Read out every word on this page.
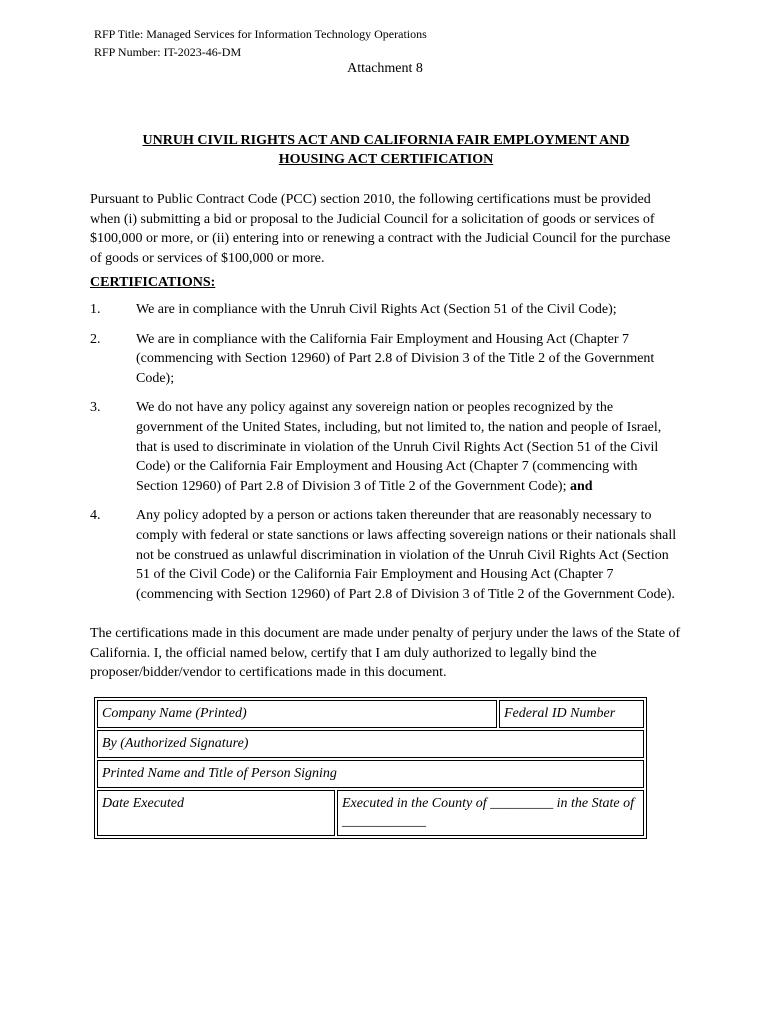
RFP Title: Managed Services for Information Technology Operations
RFP Number: IT-2023-46-DM
Attachment 8
UNRUH CIVIL RIGHTS ACT AND CALIFORNIA FAIR EMPLOYMENT AND
HOUSING ACT CERTIFICATION
Pursuant to Public Contract Code (PCC) section 2010, the following certifications must be provided when (i) submitting a bid or proposal to the Judicial Council for a solicitation of goods or services of $100,000 or more, or (ii) entering into or renewing a contract with the Judicial Council for the purchase of goods or services of $100,000 or more.
CERTIFICATIONS:
1.	We are in compliance with the Unruh Civil Rights Act (Section 51 of the Civil Code);
2.	We are in compliance with the California Fair Employment and Housing Act (Chapter 7 (commencing with Section 12960) of Part 2.8 of Division 3 of the Title 2 of the Government Code);
3.	We do not have any policy against any sovereign nation or peoples recognized by the government of the United States, including, but not limited to, the nation and people of Israel, that is used to discriminate in violation of the Unruh Civil Rights Act (Section 51 of the Civil Code) or the California Fair Employment and Housing Act (Chapter 7 (commencing with Section 12960) of Part 2.8 of Division 3 of Title 2 of the Government Code); and
4.	Any policy adopted by a person or actions taken thereunder that are reasonably necessary to comply with federal or state sanctions or laws affecting sovereign nations or their nationals shall not be construed as unlawful discrimination in violation of the Unruh Civil Rights Act (Section 51 of the Civil Code) or the California Fair Employment and Housing Act (Chapter 7 (commencing with Section 12960) of Part 2.8 of Division 3 of Title 2 of the Government Code).
The certifications made in this document are made under penalty of perjury under the laws of the State of California. I, the official named below, certify that I am duly authorized to legally bind the proposer/bidder/vendor to certifications made in this document.
Company Name (Printed)		Federal ID Number
By (Authorized Signature)		
Printed Name and Title of Person Signing		
Date Executed	Executed in the County of _________ in the State of ____________	
